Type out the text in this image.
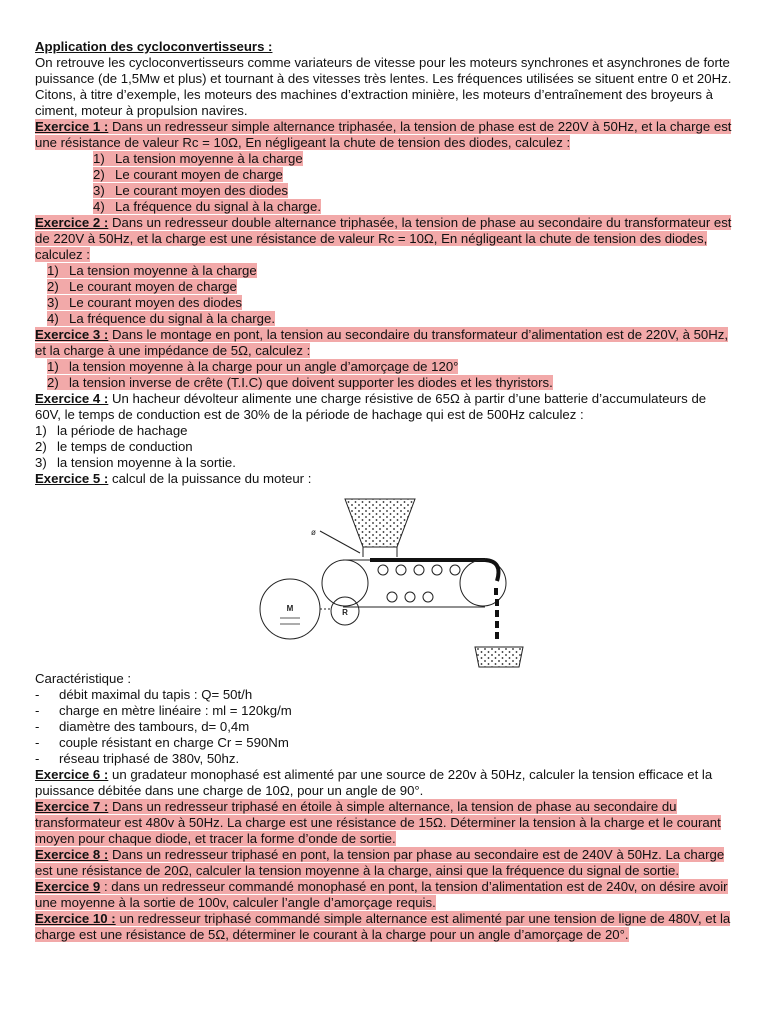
Application des cycloconvertisseurs :

On retrouve les cycloconvertisseurs comme variateurs de vitesse pour les moteurs synchrones et asynchrones de forte puissance (de 1,5Mw et plus) et tournant à des vitesses très lentes. Les fréquences utilisées se situent entre 0 et 20Hz. Citons, à titre d’exemple, les moteurs des machines d’extraction minière, les moteurs d’entraînement des broyeurs à ciment, moteur à propulsion navires.

Exercice 1 : Dans un redresseur simple alternance triphasée, la tension de phase est de 220V à 50Hz, et la charge est une résistance de valeur Rc = 10Ω, En négligeant la chute de tension des diodes, calculez :

1) La tension moyenne à la charge
2) Le courant moyen de charge
3) Le courant moyen des diodes
4) La fréquence du signal à la charge.

Exercice 2 : Dans un redresseur double alternance triphasée, la tension de phase au secondaire du transformateur est de 220V à 50Hz, et la charge est une résistance de valeur Rc = 10Ω, En négligeant la chute de tension des diodes, calculez :

1) La tension moyenne à la charge
2) Le courant moyen de charge
3) Le courant moyen des diodes
4) La fréquence du signal à la charge.

Exercice 3 : Dans le montage en pont, la tension au secondaire du transformateur d’alimentation est de 220V, à 50Hz, et la charge à une impédance de 5Ω, calculez :

1) la tension moyenne à la charge pour un angle d’amorçage de 120°
2) la tension inverse de crête (T.I.C) que doivent supporter les diodes et les thyristors.

Exercice 4 : Un hacheur dévolteur alimente une charge résistive de 65Ω à partir d’une batterie d’accumulateurs de 60V, le temps de conduction est de 30% de la période de hachage qui est de 500Hz calculez :

1) la période de hachage
2) le temps de conduction
3) la tension moyenne à la sortie.

Exercice 5 : calcul de la puissance du moteur :

ø
M	R

Caractéristique :

- débit maximal du tapis : Q= 50t/h
- charge en mètre linéaire : ml = 120kg/m
- diamètre des tambours, d= 0,4m
- couple résistant en charge Cr = 590Nm
- réseau triphasé de 380v, 50hz.

Exercice 6 : un gradateur monophasé est alimenté par une source de 220v à 50Hz, calculer la tension efficace et la puissance débitée dans une charge de 10Ω, pour un angle de 90°.

Exercice 7 : Dans un redresseur triphasé en étoile à simple alternance, la tension de phase au secondaire du transformateur est 480v à 50Hz. La charge est une résistance de 15Ω. Déterminer la tension à la charge et le courant moyen pour chaque diode, et tracer la forme d’onde de sortie.

Exercice 8 : Dans un redresseur triphasé en pont, la tension par phase au secondaire est de 240V à 50Hz. La charge est une résistance de 20Ω, calculer la tension moyenne à la charge, ainsi que la fréquence du signal de sortie.

Exercice 9 : dans un redresseur commandé monophasé en pont, la tension d’alimentation est de 240v, on désire avoir une moyenne à la sortie de 100v, calculer l’angle d’amorçage requis.

Exercice 10 : un redresseur triphasé commandé simple alternance est alimenté par une tension de ligne de 480V, et la charge est une résistance de 5Ω, déterminer le courant à la charge pour un angle d’amorçage de 20°.
